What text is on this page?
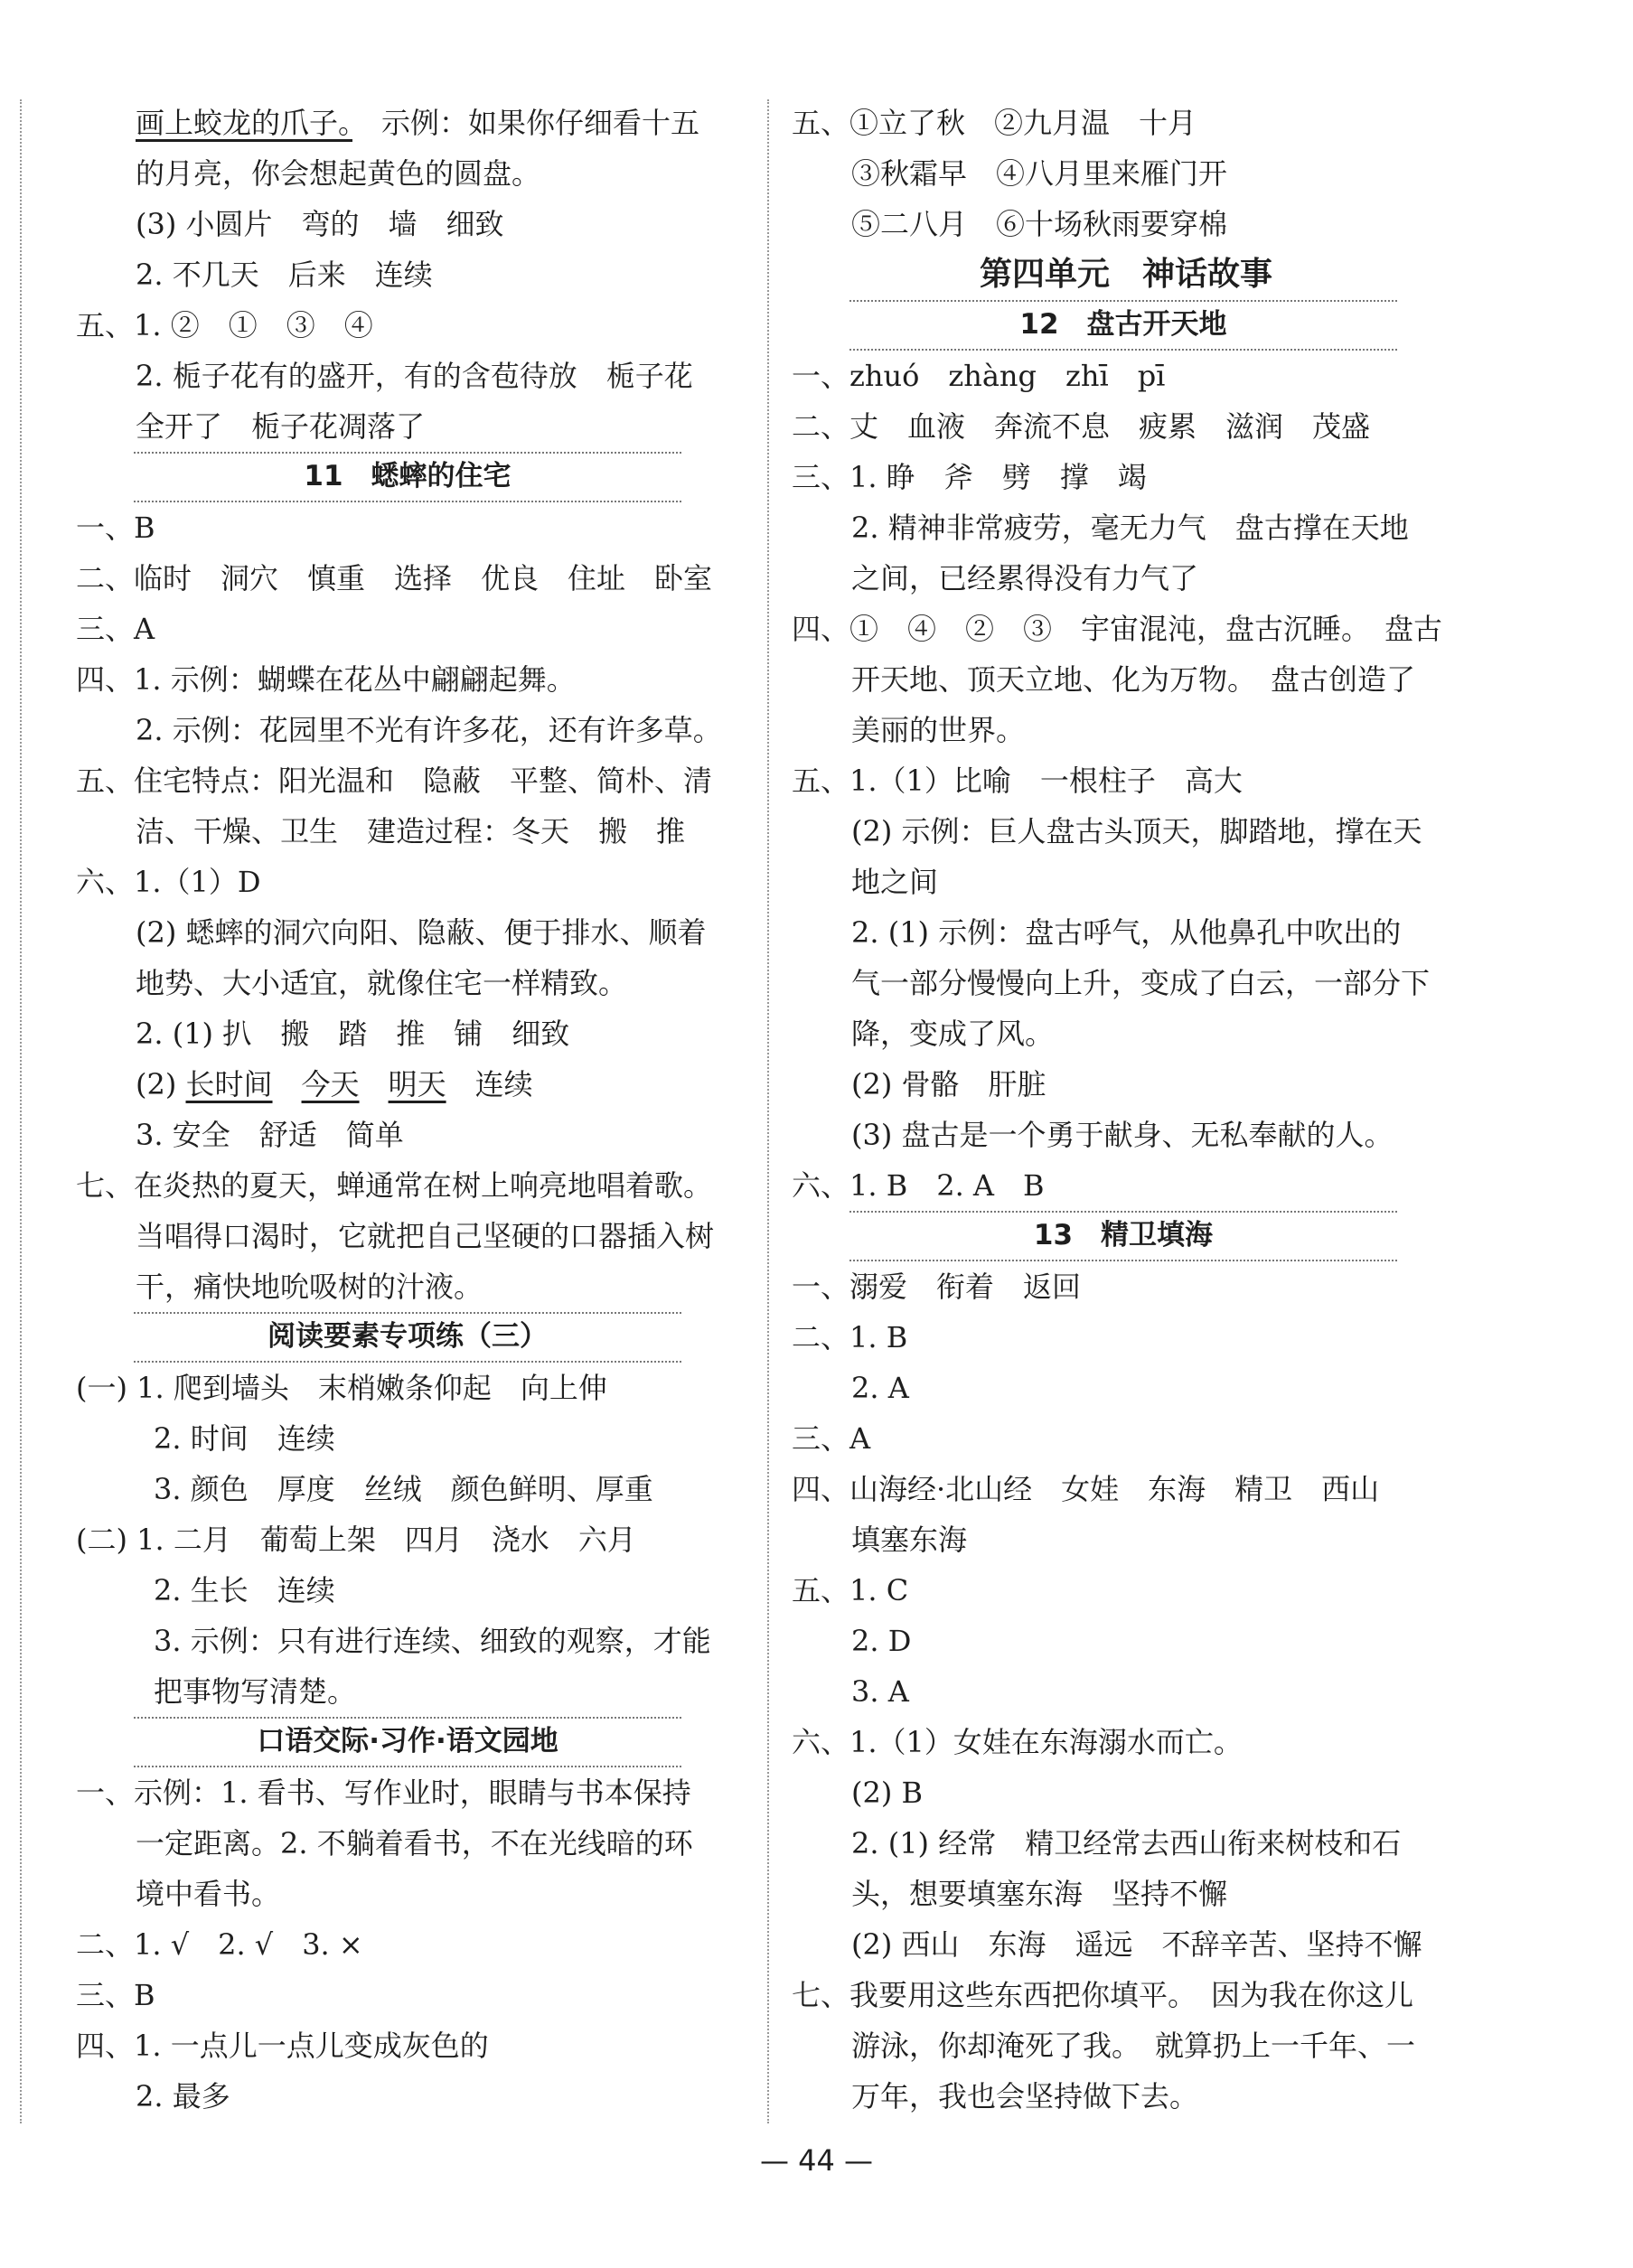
画上蛟龙的爪子。　示例：如果你仔细看十五
的月亮，你会想起黄色的圆盘。
(3) 小圆片　弯的　墙　细致
2. 不几天　后来　连续
五、1. ②　①　③　④
2. 栀子花有的盛开，有的含苞待放　栀子花
全开了　栀子花凋落了
11　蟋蟀的住宅
一、B
二、临时　洞穴　慎重　选择　优良　住址　卧室
三、A
四、1. 示例：蝴蝶在花丛中翩翩起舞。
2. 示例：花园里不光有许多花，还有许多草。
五、住宅特点：阳光温和　隐蔽　平整、简朴、清
洁、干燥、卫生　建造过程：冬天　搬　推
六、1.（1）D
(2) 蟋蟀的洞穴向阳、隐蔽、便于排水、顺着
地势、大小适宜，就像住宅一样精致。
2. (1) 扒　搬　踏　推　铺　细致
(2) 长时间　 今天　 明天　 连续
3. 安全　舒适　简单
七、在炎热的夏天，蝉通常在树上响亮地唱着歌。
当唱得口渴时，它就把自己坚硬的口器插入树
干，痛快地吮吸树的汁液。
阅读要素专项练（三）
(一) 1. 爬到墙头　末梢嫩条仰起　向上伸
2. 时间　连续
3. 颜色　厚度　丝绒　颜色鲜明、厚重
(二) 1. 二月　葡萄上架　四月　浇水　六月
2. 生长　连续
3. 示例：只有进行连续、细致的观察，才能
把事物写清楚。
口语交际·习作·语文园地
一、示例：1. 看书、写作业时，眼睛与书本保持
一定距离。2. 不躺着看书，不在光线暗的环
境中看书。
二、1. √　2. √　3. ×
三、B
四、1. 一点儿一点儿变成灰色的
2. 最多
五、①立了秋　②九月温　十月
③秋霜早　④八月里来雁门开
⑤二八月　⑥十场秋雨要穿棉
第四单元　神话故事
12　盘古开天地
一、zhuó　zhàng　zhī　pī
二、丈　血液　奔流不息　疲累　滋润　茂盛
三、1. 睁　斧　劈　撑　竭
2. 精神非常疲劳，毫无力气　盘古撑在天地
之间，已经累得没有力气了
四、①　④　②　③　宇宙混沌，盘古沉睡。　盘古
开天地、顶天立地、化为万物。　盘古创造了
美丽的世界。
五、1.（1）比喻　一根柱子　高大
(2) 示例：巨人盘古头顶天，脚踏地，撑在天
地之间
2. (1) 示例：盘古呼气，从他鼻孔中吹出的
气一部分慢慢向上升，变成了白云，一部分下
降，变成了风。
(2) 骨骼　肝脏
(3) 盘古是一个勇于献身、无私奉献的人。
六、1. B　2. A　B
13　精卫填海
一、溺爱　衔着　返回
二、1. B
2. A
三、A
四、山海经·北山经　女娃　东海　精卫　西山
填塞东海
五、1. C
2. D
3. A
六、1.（1）女娃在东海溺水而亡。
(2) B
2. (1) 经常　精卫经常去西山衔来树枝和石
头，想要填塞东海　坚持不懈
(2) 西山　东海　遥远　不辞辛苦、坚持不懈
七、我要用这些东西把你填平。　因为我在你这儿
游泳，你却淹死了我。　就算扔上一千年、一
万年，我也会坚持做下去。
— 44 —
